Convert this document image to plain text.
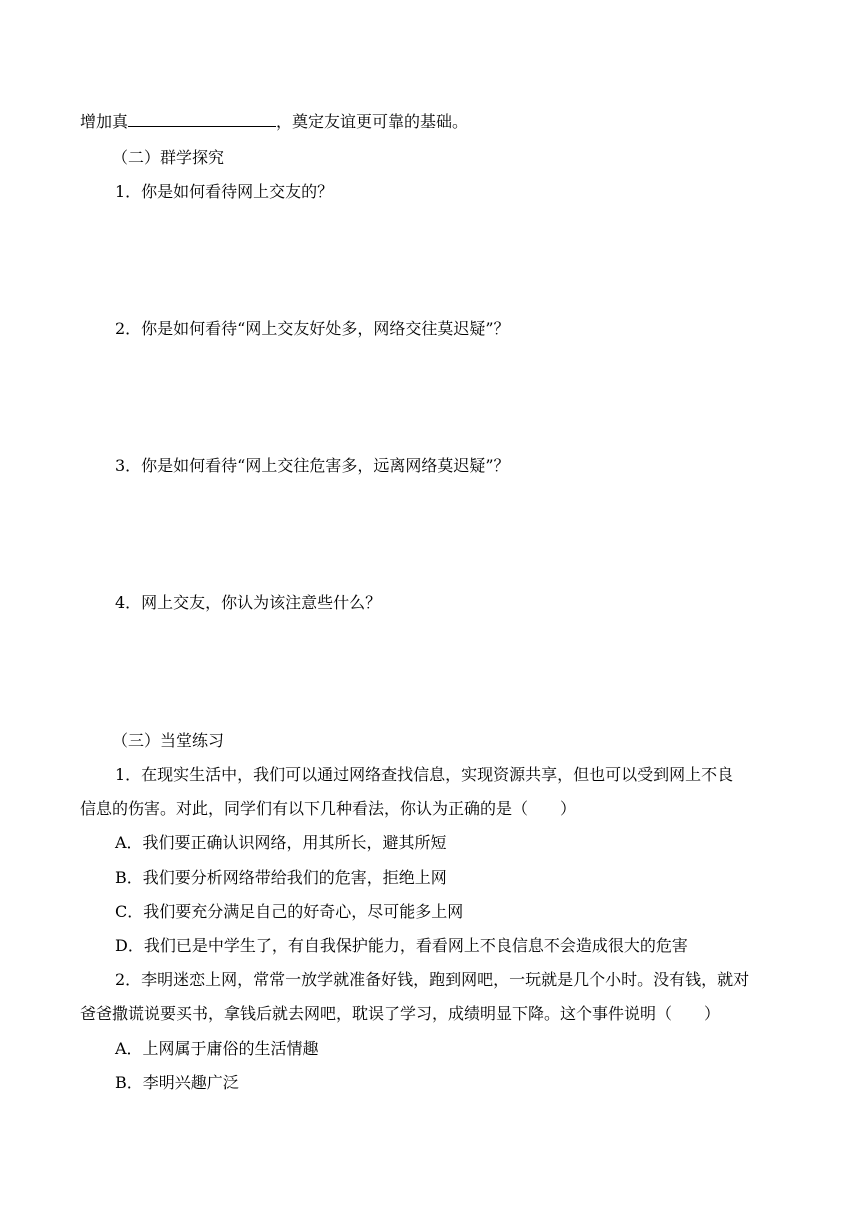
增加真	，奠定友谊更可靠的基础。
（二）群学探究
1．你是如何看待网上交友的？
2．你是如何看待“网上交友好处多，网络交往莫迟疑”？
3．你是如何看待“网上交往危害多，远离网络莫迟疑”？
4．网上交友，你认为该注意些什么？
（三）当堂练习
1．在现实生活中，我们可以通过网络查找信息，实现资源共享，但也可以受到网上不良
信息的伤害。对此，同学们有以下几种看法，你认为正确的是（　　）
A．我们要正确认识网络，用其所长，避其所短
B．我们要分析网络带给我们的危害，拒绝上网
C．我们要充分满足自己的好奇心，尽可能多上网
D．我们已是中学生了，有自我保护能力，看看网上不良信息不会造成很大的危害
2．李明迷恋上网，常常一放学就准备好钱，跑到网吧，一玩就是几个小时。没有钱，就对
爸爸撒谎说要买书，拿钱后就去网吧，耽误了学习，成绩明显下降。这个事件说明（　　）
A．上网属于庸俗的生活情趣
B．李明兴趣广泛
